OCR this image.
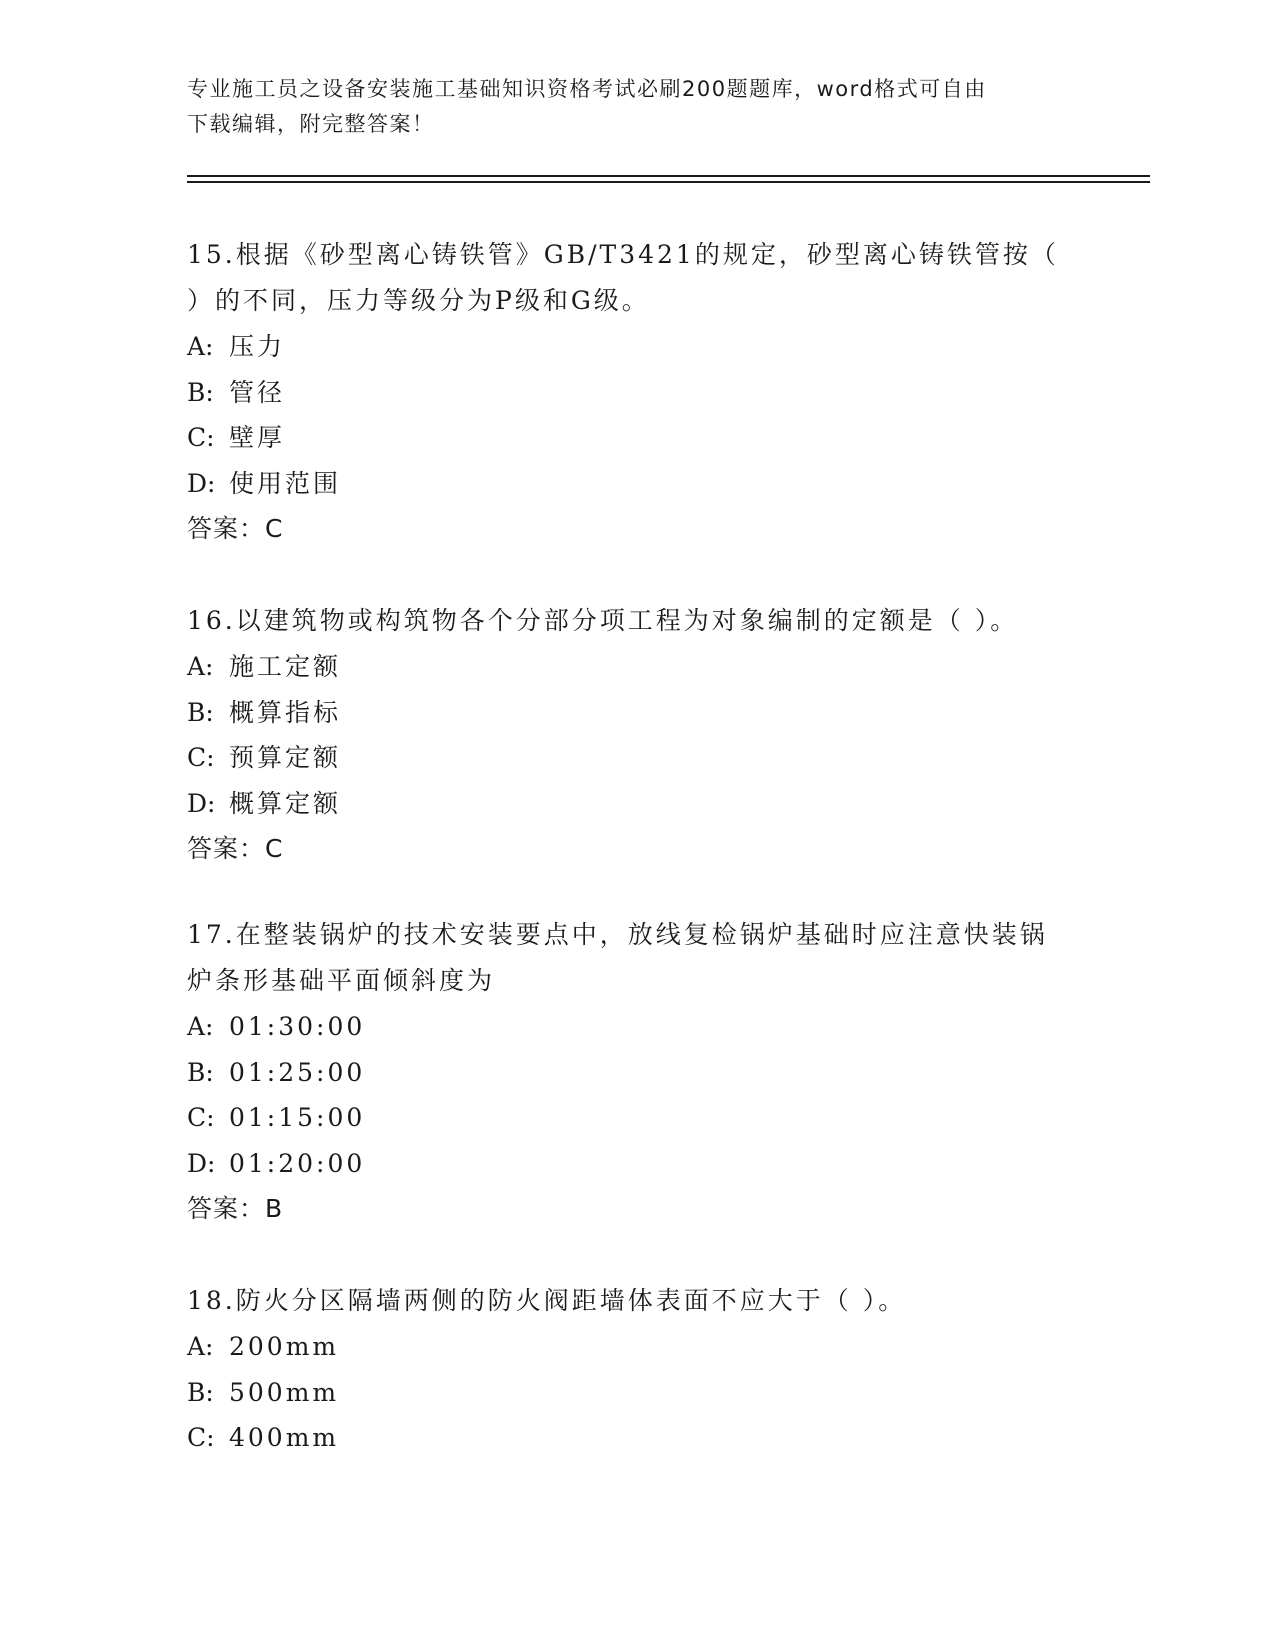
专业施工员之设备安装施工基础知识资格考试必刷200题题库，word格式可自由
下载编辑，附完整答案！

15.根据《砂型离心铸铁管》GB/T3421的规定，砂型离心铸铁管按（
）的不同，压力等级分为P级和G级。

A: 压力
B: 管径
C: 壁厚
D: 使用范围
答案：C

16.以建筑物或构筑物各个分部分项工程为对象编制的定额是（ ）。

A: 施工定额
B: 概算指标
C: 预算定额
D: 概算定额
答案：C

17.在整装锅炉的技术安装要点中，放线复检锅炉基础时应注意快装锅
炉条形基础平面倾斜度为

A: 01:30:00
B: 01:25:00
C: 01:15:00
D: 01:20:00
答案：B

18.防火分区隔墙两侧的防火阀距墙体表面不应大于（ ）。

A: 200mm
B: 500mm
C: 400mm
